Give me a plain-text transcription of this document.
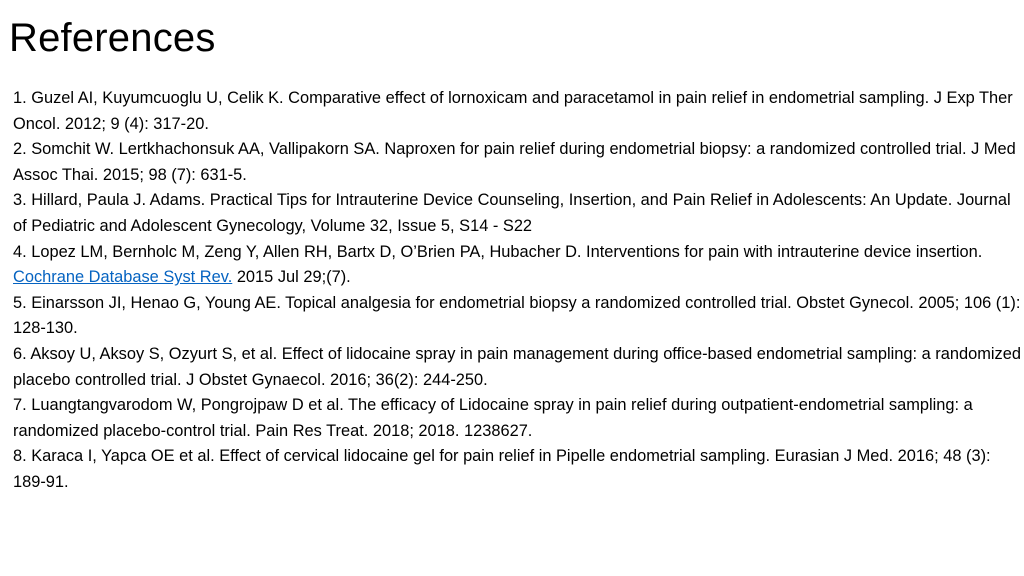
References
1. Guzel AI, Kuyumcuoglu U, Celik K. Comparative effect of lornoxicam and paracetamol in pain relief in endometrial sampling. J Exp Ther Oncol. 2012; 9 (4): 317-20.
2. Somchit W. Lertkhachonsuk AA, Vallipakorn SA. Naproxen for pain relief during endometrial biopsy: a randomized controlled trial. J Med Assoc Thai. 2015; 98 (7): 631-5.
3. Hillard, Paula J. Adams. Practical Tips for Intrauterine Device Counseling, Insertion, and Pain Relief in Adolescents: An Update. Journal of Pediatric and Adolescent Gynecology, Volume 32, Issue 5, S14 - S22
4. Lopez LM, Bernholc M, Zeng Y, Allen RH, Bartx D, O’Brien PA, Hubacher D. Interventions for pain with intrauterine device insertion. Cochrane Database Syst Rev. 2015 Jul 29;(7).
5. Einarsson JI, Henao G, Young AE. Topical analgesia for endometrial biopsy a randomized controlled trial. Obstet Gynecol. 2005; 106 (1): 128-130.
6. Aksoy U, Aksoy S, Ozyurt S, et al. Effect of lidocaine spray in pain management during office-based endometrial sampling: a randomized placebo controlled trial. J Obstet Gynaecol. 2016; 36(2): 244-250.
7. Luangtangvarodom W, Pongrojpaw D et al. The efficacy of Lidocaine spray in pain relief during outpatient-endometrial sampling: a randomized placebo-control trial. Pain Res Treat. 2018; 2018. 1238627.
8. Karaca I, Yapca OE et al. Effect of cervical lidocaine gel for pain relief in Pipelle endometrial sampling. Eurasian J Med. 2016; 48 (3): 189-91.
